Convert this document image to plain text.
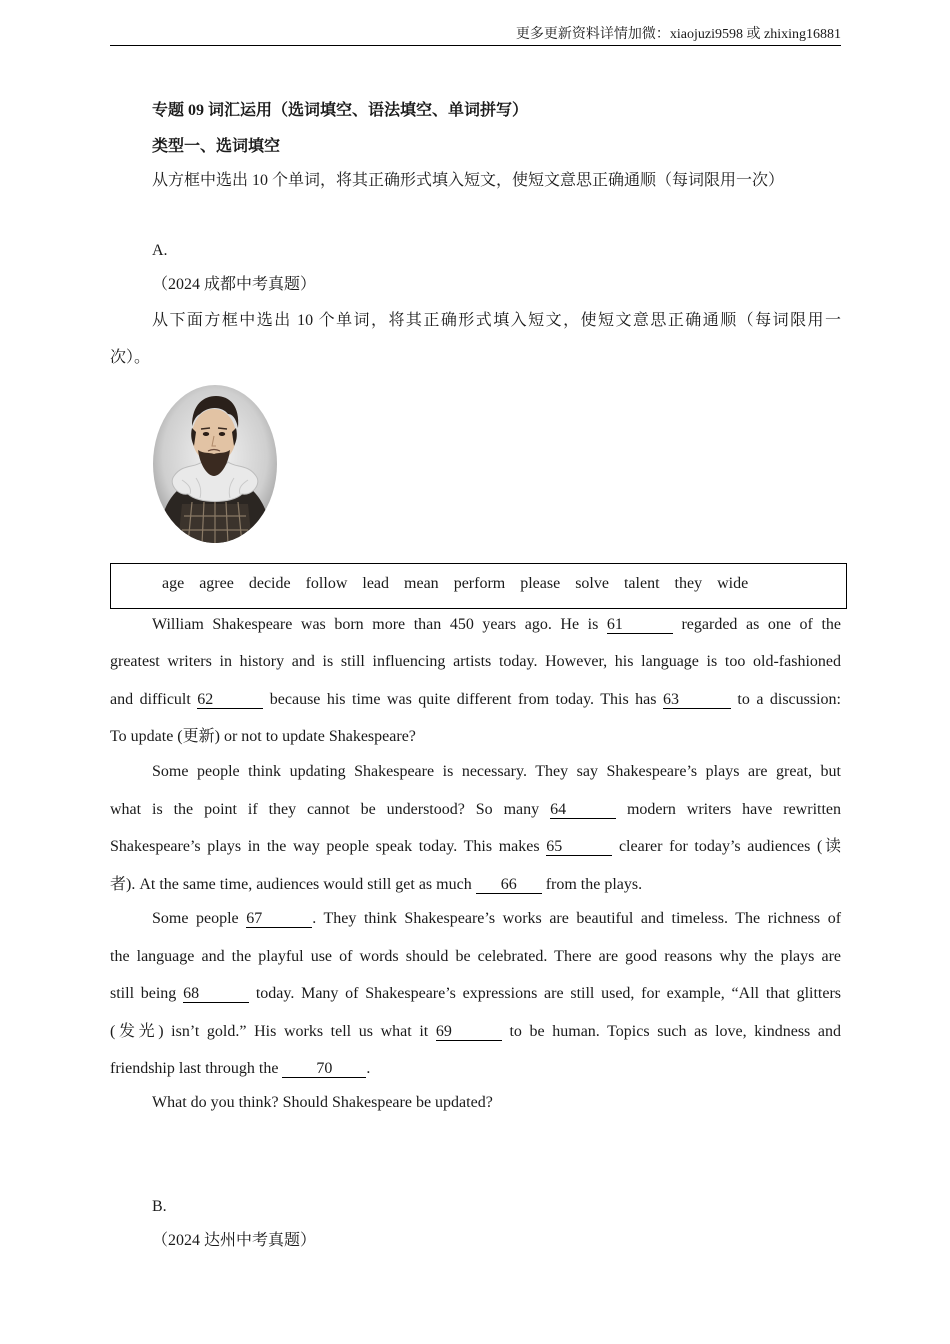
更多更新资料详情加微：xiaojuzi9598 或 zhixing16881
专题 09 词汇运用（选词填空、语法填空、单词拼写）
类型一、选词填空
从方框中选出 10 个单词，将其正确形式填入短文，使短文意思正确通顺（每词限用一次）
A.
（2024 成都中考真题）
从下面方框中选出 10 个单词，将其正确形式填入短文，使短文意思正确通顺（每词限用一
次）。
age agree decide follow lead mean perform please solve talent they wide
William Shakespeare was born more than 450 years ago. He is 61	regarded as one of the
greatest writers in history and is still influencing artists today. However, his language is too old-fashioned
and difficult 62	because his time was quite different from today. This has 63	to a discussion:
To update (更新) or not to update Shakespeare?
Some people think updating Shakespeare is necessary. They say Shakespeare’s plays are great, but
what is the point if they cannot be understood? So many 64	modern writers have rewritten
Shakespeare’s plays in the way people speak today. This makes 65	clearer for today’s audiences (读
者). At the same time, audiences would still get as much 66 from the plays.
Some people 67	. They think Shakespeare’s works are beautiful and timeless. The richness of
the language and the playful use of words should be celebrated. There are good reasons why the plays are
still being 68	today. Many of Shakespeare’s expressions are still used, for example, “All that glitters
(发光) isn’t gold.” His works tell us what it 69	to be human. Topics such as love, kindness and
friendship last through the 70 .
What do you think? Should Shakespeare be updated?
B.
（2024 达州中考真题）
